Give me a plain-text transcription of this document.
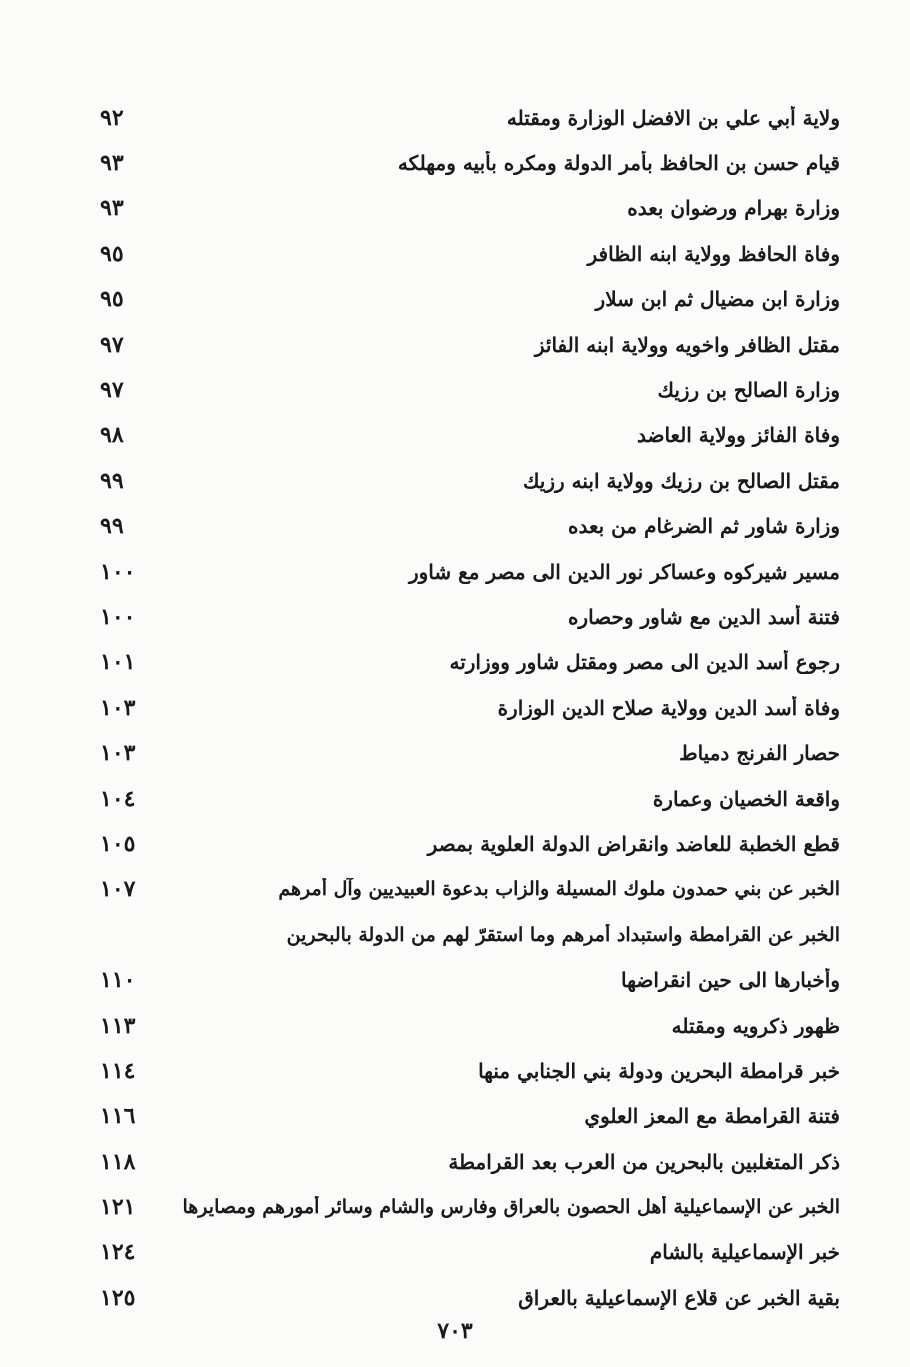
ولاية أبي علي بن الافضل الوزارة ومقتله
٩٢
قيام حسن بن الحافظ بأمر الدولة ومكره بأبيه ومهلكه
٩٣
وزارة بهرام ورضوان بعده
٩٣
وفاة الحافظ وولاية ابنه الظافر
٩٥
وزارة ابن مضيال ثم ابن سلار
٩٥
مقتل الظافر واخويه وولاية ابنه الفائز
٩٧
وزارة الصالح بن رزيك
٩٧
وفاة الفائز وولاية العاضد
٩٨
مقتل الصالح بن رزيك وولاية ابنه رزيك
٩٩
وزارة شاور ثم الضرغام من بعده
٩٩
مسير شيركوه وعساكر نور الدين الى مصر مع شاور
١٠٠
فتنة أسد الدين مع شاور وحصاره
١٠٠
رجوع أسد الدين الى مصر ومقتل شاور ووزارته
١٠١
وفاة أسد الدين وولاية صلاح الدين الوزارة
١٠٣
حصار الفرنج دمياط
١٠٣
واقعة الخصيان وعمارة
١٠٤
قطع الخطبة للعاضد وانقراض الدولة العلوية بمصر
١٠٥
الخبر عن بني حمدون ملوك المسيلة والزاب بدعوة العبيديين وآل أمرهم
١٠٧
الخبر عن القرامطة واستبداد أمرهم وما استقرّ لهم من الدولة بالبحرين
وأخبارها الى حين انقراضها
١١٠
ظهور ذكرويه ومقتله
١١٣
خبر قرامطة البحرين ودولة بني الجنابي منها
١١٤
فتنة القرامطة مع المعز العلوي
١١٦
ذكر المتغلبين بالبحرين من العرب بعد القرامطة
١١٨
الخبر عن الإسماعيلية أهل الحصون بالعراق وفارس والشام وسائر أمورهم ومصايرها
١٢١
خبر الإسماعيلية بالشام
١٢٤
بقية الخبر عن قلاع الإسماعيلية بالعراق
١٢٥
٧٠٣
